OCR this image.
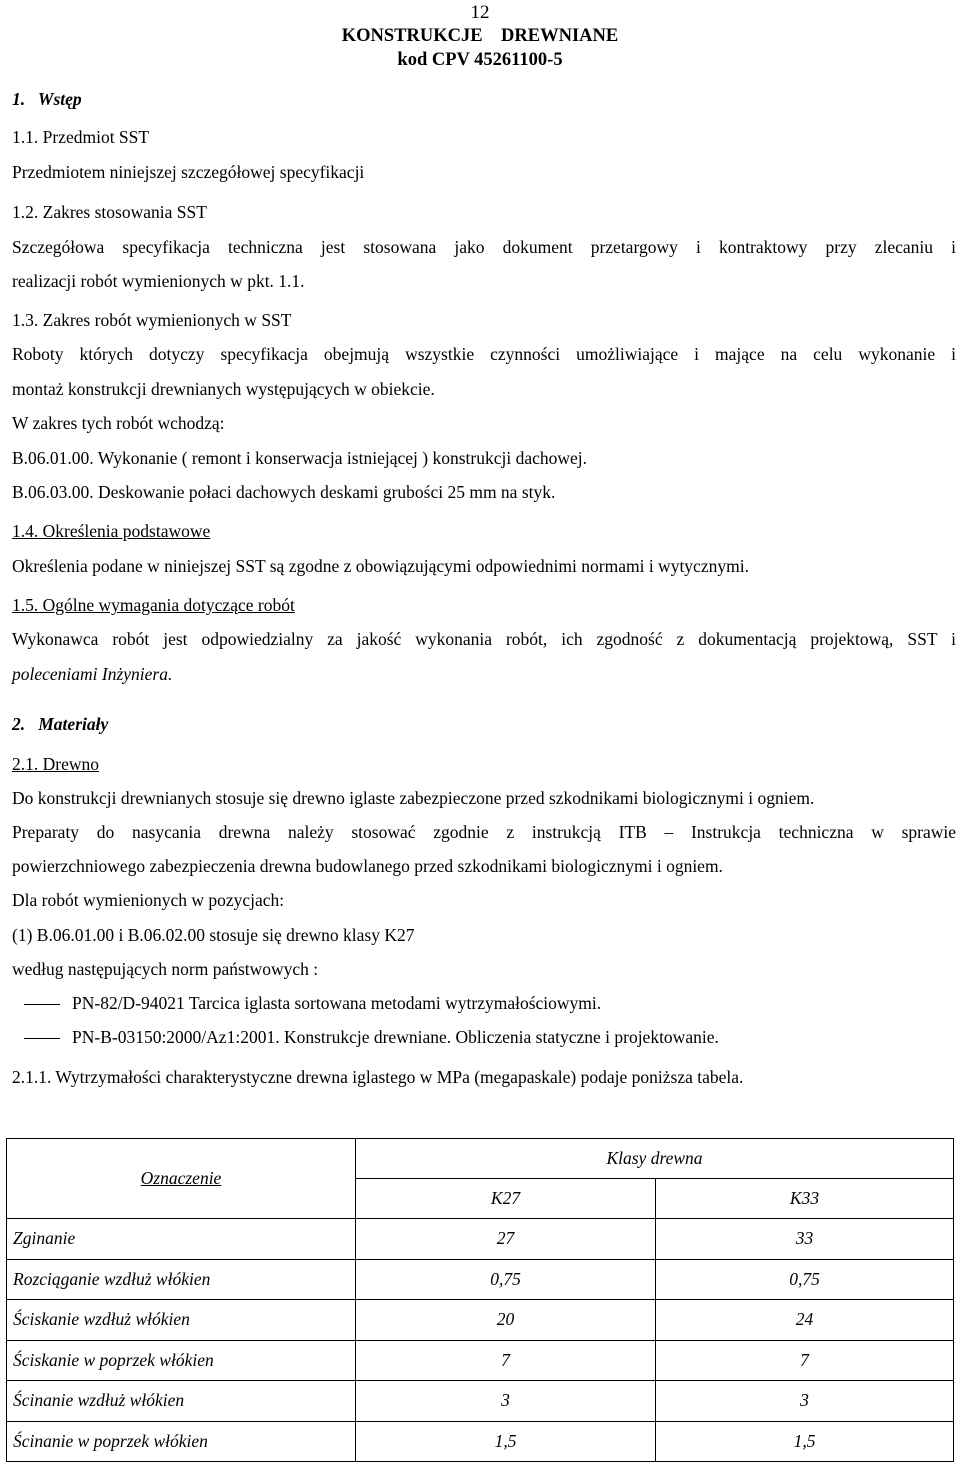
12
KONSTRUKCJE    DREWNIANE
kod CPV 45261100-5
1.   Wstęp
1.1. Przedmiot SST
Przedmiotem niniejszej szczegółowej specyfikacji
1.2. Zakres stosowania SST
Szczegółowa specyfikacja techniczna jest stosowana jako dokument przetargowy i kontraktowy przy zlecaniu i
realizacji robót wymienionych w pkt. 1.1.
1.3. Zakres robót wymienionych w SST
Roboty których dotyczy specyfikacja obejmują wszystkie czynności umożliwiające i mające na celu wykonanie i
montaż konstrukcji drewnianych występujących w obiekcie.
W zakres tych robót wchodzą:
B.06.01.00. Wykonanie ( remont i konserwacja istniejącej ) konstrukcji dachowej.
B.06.03.00. Deskowanie połaci dachowych deskami grubości 25 mm na styk.
1.4. Określenia podstawowe
Określenia podane w niniejszej SST są zgodne z obowiązującymi odpowiednimi normami i wytycznymi.
1.5. Ogólne wymagania dotyczące robót
Wykonawca robót jest odpowiedzialny za jakość wykonania robót, ich zgodność z dokumentacją projektową, SST i
poleceniami Inżyniera.
2.   Materiały
2.1. Drewno
Do konstrukcji drewnianych stosuje się drewno iglaste zabezpieczone przed szkodnikami biologicznymi i ogniem.
Preparaty do nasycania drewna należy stosować zgodnie z instrukcją ITB – Instrukcja techniczna w sprawie
powierzchniowego zabezpieczenia drewna budowlanego przed szkodnikami biologicznymi i ogniem.
Dla robót wymienionych w pozycjach:
(1) B.06.01.00 i B.06.02.00 stosuje się drewno klasy K27
według następujących norm państwowych :
PN-82/D-94021 Tarcica iglasta sortowana metodami wytrzymałościowymi.
PN-B-03150:2000/Az1:2001. Konstrukcje drewniane. Obliczenia statyczne i projektowanie.
2.1.1. Wytrzymałości charakterystyczne drewna iglastego w MPa (megapaskale) podaje poniższa tabela.
Oznaczenie	Klasy drewna	
	K27	K33
Zginanie	27	33
Rozciąganie wzdłuż włókien	0,75	0,75
Ściskanie wzdłuż włókien	20	24
Ściskanie w poprzek włókien	7	7
Ścinanie wzdłuż włókien	3	3
Ścinanie w poprzek włókien	1,5	1,5
